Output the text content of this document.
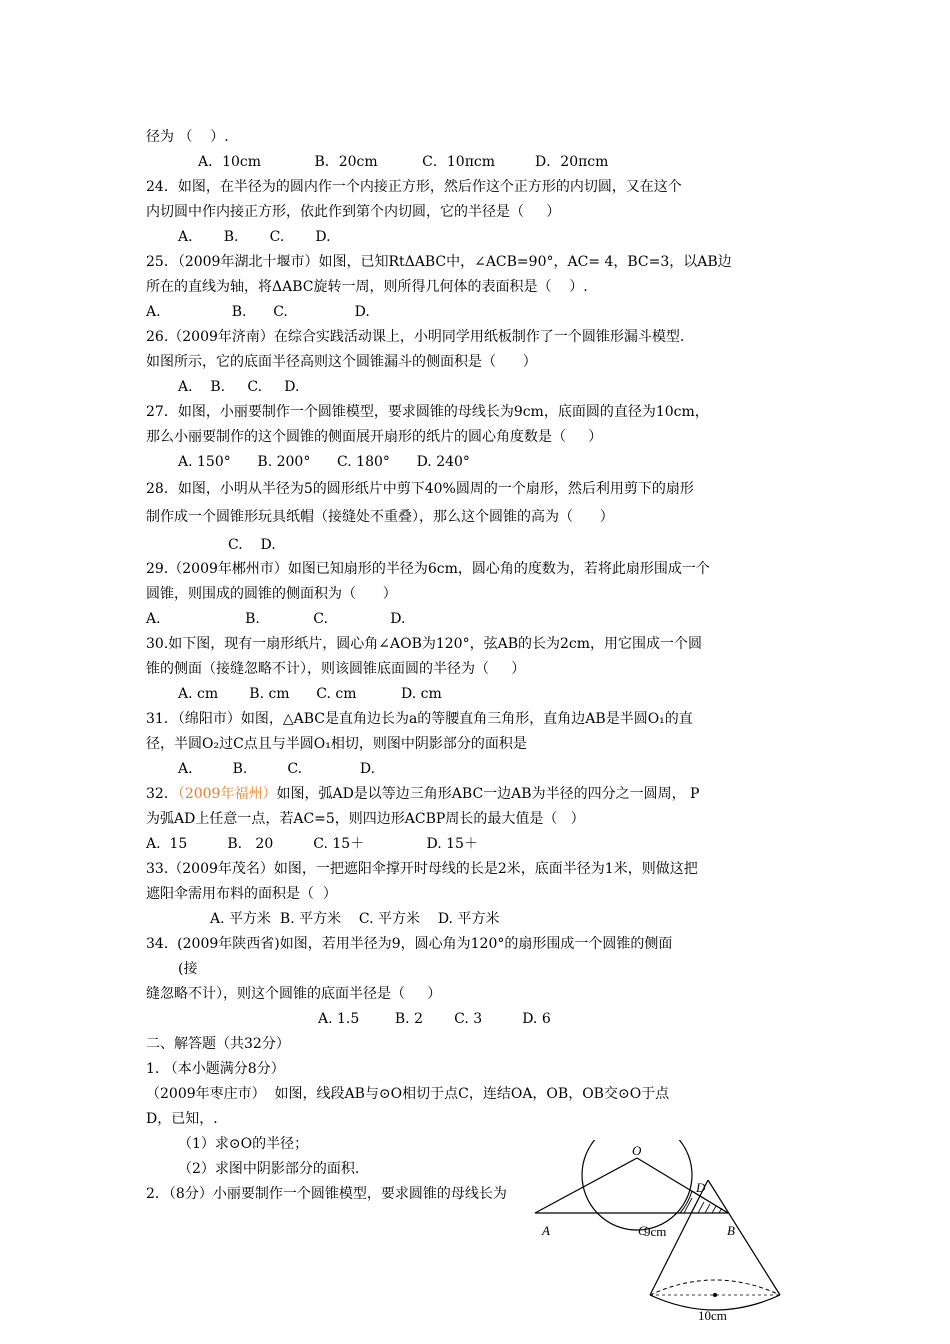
径为 （    ）.
A．10cm            B．20cm          C．10πcm         D．20πcm
24．如图，在半径为的圆内作一个内接正方形，然后作这个正方形的内切圆，又在这个
内切圆中作内接正方形，依此作到第个内切圆，它的半径是（     ）
A.       B.       C.       D.
25．（2009年湖北十堰市）如图，已知RtΔABC中，∠ACB=90°，AC= 4，BC=3，以AB边
所在的直线为轴，将ΔABC旋转一周，则所得几何体的表面积是（    ）.
A.                B.      C.               D.
26.（2009年济南）在综合实践活动课上，小明同学用纸板制作了一个圆锥形漏斗模型.
如图所示，它的底面半径高则这个圆锥漏斗的侧面积是（      ）
A.    B.     C.     D.
27．如图，小丽要制作一个圆锥模型，要求圆锥的母线长为9cm，底面圆的直径为10cm，
那么小丽要制作的这个圆锥的侧面展开扇形的纸片的圆心角度数是（     ）
A. 150°      B. 200°      C. 180°      D. 240°
28．如图，小明从半径为5的圆形纸片中剪下40%圆周的一个扇形，然后利用剪下的扇形
制作成一个圆锥形玩具纸帽（接缝处不重叠），那么这个圆锥的高为（      ）
C.    D.
29.（2009年郴州市）如图已知扇形的半径为6cm，圆心角的度数为，若将此扇形围成一个
圆锥，则围成的圆锥的侧面积为（      ）
A.                   B.            C.              D.
30.如下图，现有一扇形纸片，圆心角∠AOB为120°，弦AB的长为2cm，用它围成一个圆
锥的侧面（接缝忽略不计），则该圆锥底面圆的半径为（     ）
A. cm       B. cm      C. cm          D. cm
31．（绵阳市）如图，△ABC是直角边长为a的等腰直角三角形，直角边AB是半圆O₁的直
径，半圆O₂过C点且与半圆O₁相切，则图中阴影部分的面积是
A.         B.         C.             D.
32．（2009年福州）如图，弧AD是以等边三角形ABC一边AB为半径的四分之一圆周， P
为弧AD上任意一点，若AC=5，则四边形ACBP周长的最大值是（   ）
A.  15         B.   20         C. 15＋              D. 15＋
33.（2009年茂名）如图，一把遮阳伞撑开时母线的长是2米，底面半径为1米，则做这把
遮阳伞需用布料的面积是（  ）
A. 平方米  B. 平方米    C. 平方米    D. 平方米
34.  (2009年陕西省)如图，若用半径为9，圆心角为120°的扇形围成一个圆锥的侧面
(接
缝忽略不计），则这个圆锥的底面半径是（     ）
A. 1.5        B. 2       C. 3         D. 6
二、解答题（共32分）
1. （本小题满分8分）
（2009年枣庄市）  如图，线段AB与⊙O相切于点C，连结OA，OB，OB交⊙O于点
D，已知，.
（1）求⊙O的半径；
（2）求图中阴影部分的面积.
2．（8分）小丽要制作一个圆锥模型，要求圆锥的母线长为
O
D
A	C	B
9cm
10cm
